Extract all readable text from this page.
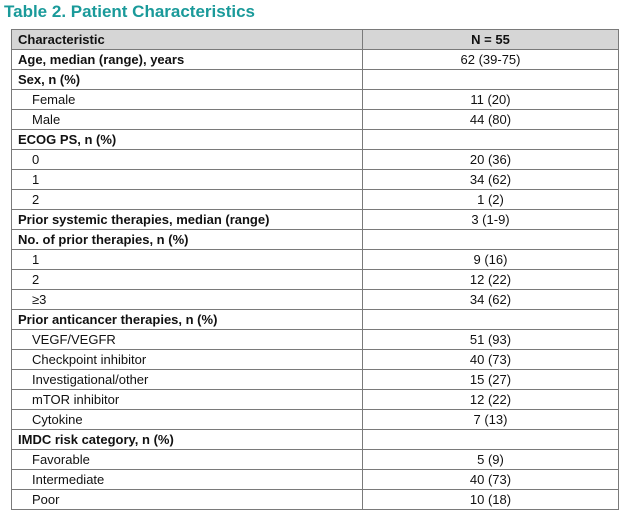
Table 2. Patient Characteristics
Characteristic	N = 55
Age, median (range), years	62 (39-75)
Sex, n (%)	
Female	11 (20)
Male	44 (80)
ECOG PS, n (%)	
0	20 (36)
1	34 (62)
2	1 (2)
Prior systemic therapies, median (range)	3 (1-9)
No. of prior therapies, n (%)	
1	9 (16)
2	12 (22)
≥3	34 (62)
Prior anticancer therapies, n (%)	
VEGF/VEGFR	51 (93)
Checkpoint inhibitor	40 (73)
Investigational/other	15 (27)
mTOR inhibitor	12 (22)
Cytokine	7 (13)
IMDC risk category, n (%)	
Favorable	5 (9)
Intermediate	40 (73)
Poor	10 (18)
